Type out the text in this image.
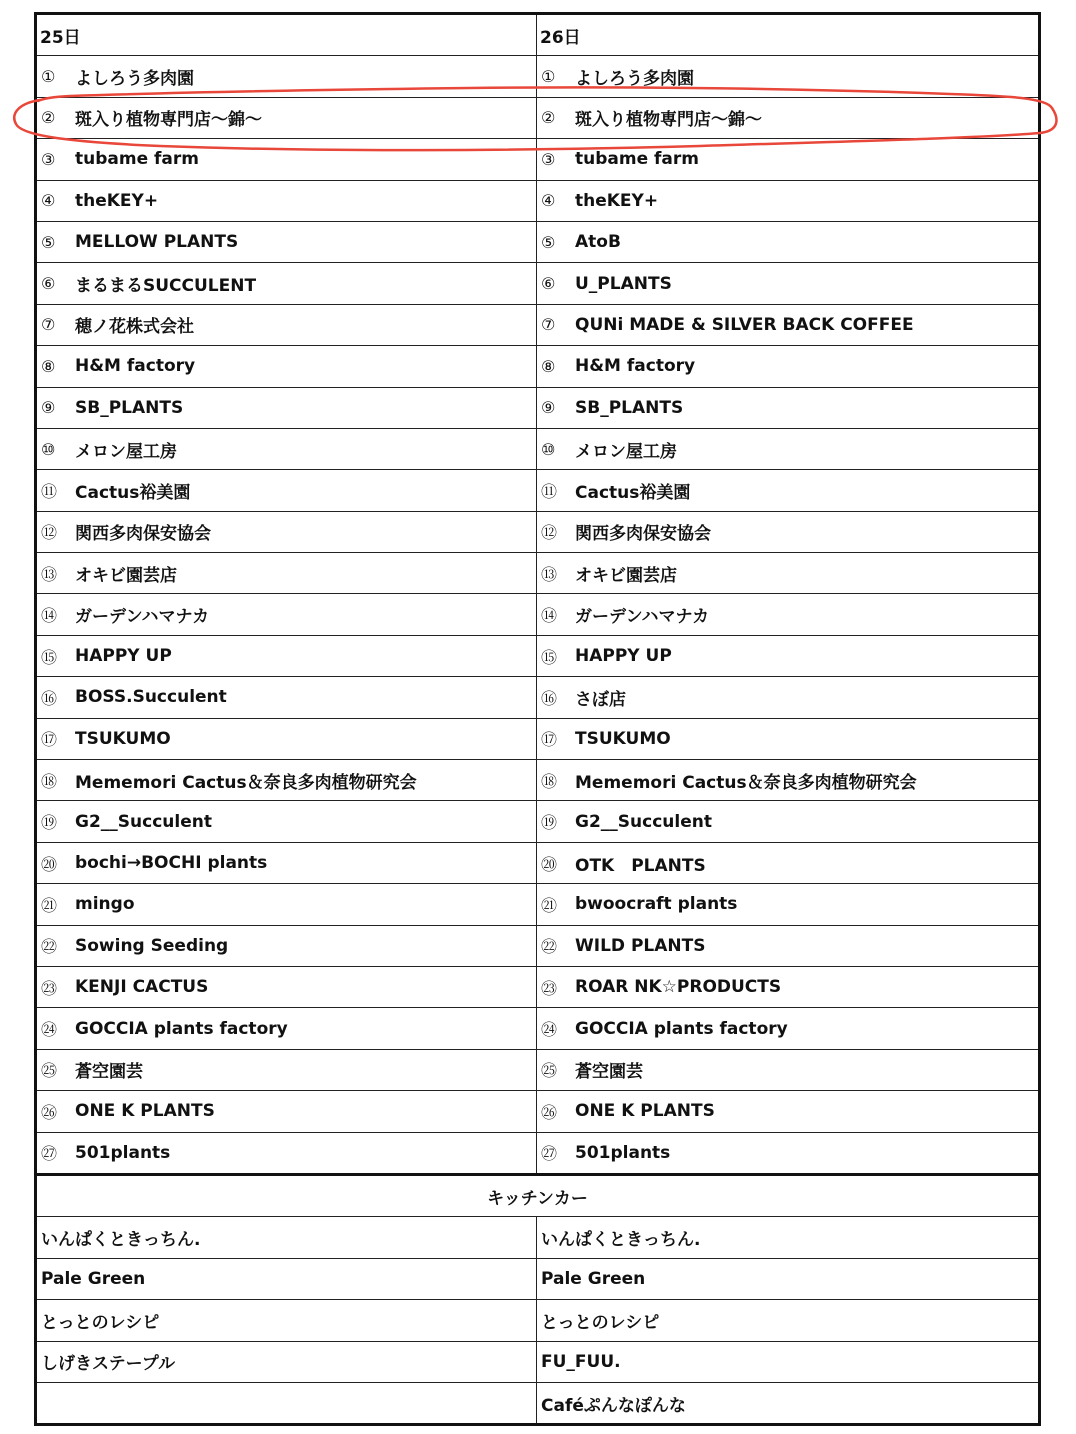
25日	26日

① よしろう多肉園	① よしろう多肉園

② 斑入り植物専門店〜錦〜	② 斑入り植物専門店〜錦〜

③ tubame farm	③ tubame farm

④ theKEY+	④ theKEY+

⑤ MELLOW PLANTS	⑤ AtoB

⑥ まるまるSUCCULENT	⑥ U_PLANTS

⑦ 穂ノ花株式会社	⑦ QUNi MADE & SILVER BACK COFFEE

⑧ H&M factory	⑧ H&M factory

⑨ SB_PLANTS	⑨ SB_PLANTS

⑩ メロン屋工房	⑩ メロン屋工房

⑪ Cactus裕美園	⑪ Cactus裕美園

⑫ 関西多肉保安協会	⑫ 関西多肉保安協会

⑬ オキビ園芸店	⑬ オキビ園芸店

⑭ ガーデンハマナカ	⑭ ガーデンハマナカ

⑮ HAPPY UP	⑮ HAPPY UP

⑯ BOSS.Succulent	⑯ さぼ店

⑰ TSUKUMO	⑰ TSUKUMO

⑱ Mememori Cactus＆奈良多肉植物研究会	⑱ Mememori Cactus＆奈良多肉植物研究会

⑲ G2__Succulent	⑲ G2__Succulent

⑳ bochi→BOCHI plants	⑳ OTK　PLANTS

㉑ mingo	㉑ bwoocraft plants

㉒ Sowing Seeding	㉒ WILD PLANTS

㉓ KENJI CACTUS	㉓ ROAR NK☆PRODUCTS

㉔ GOCCIA plants factory	㉔ GOCCIA plants factory

㉕ 蒼空園芸	㉕ 蒼空園芸

㉖ ONE K PLANTS	㉖ ONE K PLANTS

㉗ 501plants	㉗ 501plants

キッチンカー	
いんぱくときっちん.	いんぱくときっちん.
Pale Green	Pale Green
とっとのレシピ	とっとのレシピ
しげきステープル	FU_FUU.
	Caféぷんなぽんな
